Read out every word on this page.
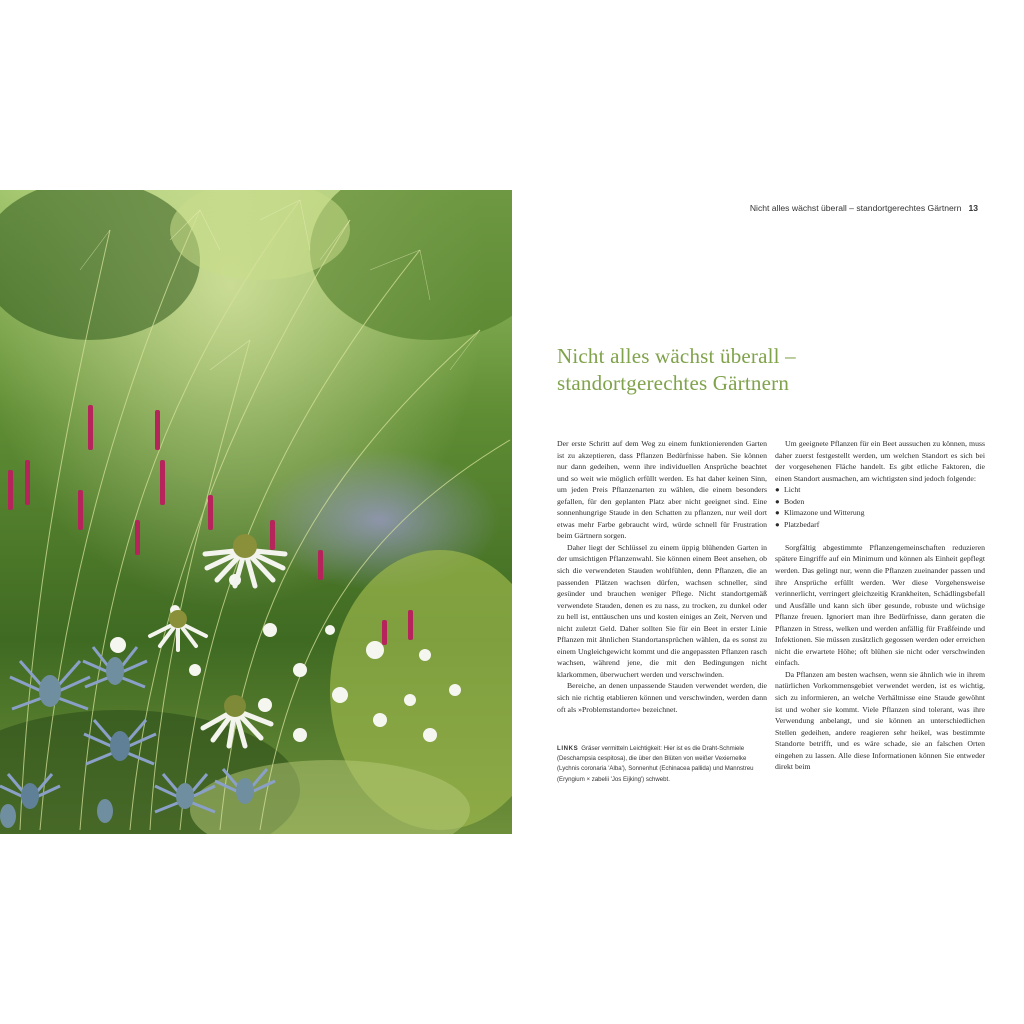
Nicht alles wächst überall – standortgerechtes Gärtnern 13
Nicht alles wächst überall –
standortgerechtes Gärtnern

Der erste Schritt auf dem Weg zu einem funktionierenden Garten ist zu akzeptieren, dass Pflanzen Bedürfnisse haben. Sie können nur dann gedeihen, wenn ihre individuellen Ansprüche beachtet und so weit wie möglich erfüllt werden. Es hat daher keinen Sinn, um jeden Preis Pflanzenarten zu wählen, die einem besonders gefallen, für den geplanten Platz aber nicht geeignet sind. Eine sonnenhungrige Staude in den Schatten zu pflanzen, nur weil dort etwas mehr Farbe gebraucht wird, würde schnell für Frustration beim Gärtnern sorgen.

Daher liegt der Schlüssel zu einem üppig blühenden Garten in der umsichtigen Pflanzenwahl. Sie können einem Beet ansehen, ob sich die verwendeten Stauden wohlfühlen, denn Pflanzen, die an passenden Plätzen wachsen dürfen, wachsen schneller, sind gesünder und brauchen weniger Pflege. Nicht standortgemäß verwendete Stauden, denen es zu nass, zu trocken, zu dunkel oder zu hell ist, enttäuschen uns und kosten einiges an Zeit, Nerven und nicht zuletzt Geld. Daher sollten Sie für ein Beet in erster Linie Pflanzen mit ähnlichen Standortansprüchen wählen, da es sonst zu einem Ungleichgewicht kommt und die angepassten Pflanzen rasch wachsen, während jene, die mit den Bedingungen nicht klarkommen, überwuchert werden und verschwinden.

Bereiche, an denen unpassende Stauden verwendet werden, die sich nie richtig etablieren können und verschwinden, werden dann oft als »Problemstandorte« bezeichnet.

LINKS Gräser vermitteln Leichtigkeit: Hier ist es die Draht-Schmiele (Deschampsia cespitosa), die über den Blüten von weißer Vexiernelke (Lychnis coronaria 'Alba'), Sonnenhut (Echinacea pallida) und Mannstreu (Eryngium × zabelii 'Jos Eijking') schwebt.

Um geeignete Pflanzen für ein Beet aussuchen zu können, muss daher zuerst festgestellt werden, um welchen Standort es sich bei der vorgesehenen Fläche handelt. Es gibt etliche Faktoren, die einen Standort ausmachen, am wichtigsten sind jedoch folgende:

● Licht
● Boden
● Klimazone und Witterung
● Platzbedarf

Sorgfältig abgestimmte Pflanzengemeinschaften reduzieren spätere Eingriffe auf ein Minimum und können als Einheit gepflegt werden. Das gelingt nur, wenn die Pflanzen zueinander passen und ihre Ansprüche erfüllt werden. Wer diese Vorgehensweise verinnerlicht, verringert gleichzeitig Krankheiten, Schädlingsbefall und Ausfälle und kann sich über gesunde, robuste und wüchsige Pflanze freuen. Ignoriert man ihre Bedürfnisse, dann geraten die Pflanzen in Stress, welken und werden anfällig für Fraßfeinde und Infektionen. Sie müssen zusätzlich gegossen werden oder erreichen nicht die erwartete Höhe; oft blühen sie nicht oder verschwinden einfach.

Da Pflanzen am besten wachsen, wenn sie ähnlich wie in ihrem natürlichen Vorkommensgebiet verwendet werden, ist es wichtig, sich zu informieren, an welche Verhältnisse eine Staude gewöhnt ist und woher sie kommt. Viele Pflanzen sind tolerant, was ihre Verwendung anbelangt, und sie können an unterschiedlichen Stellen gedeihen, andere reagieren sehr heikel, was bestimmte Standorte betrifft, und es wäre schade, sie an falschen Orten eingehen zu lassen. Alle diese Informationen können Sie entweder direkt beim
